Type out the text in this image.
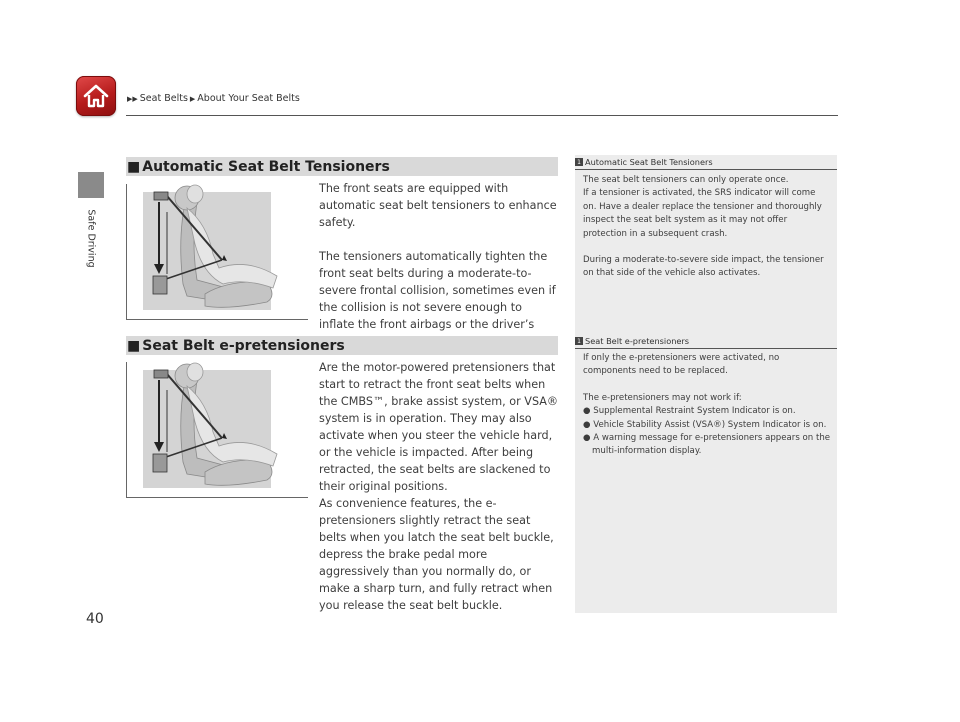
▶▶ Seat Belts ▶ About Your Seat Belts
Safe Driving
■ Automatic Seat Belt Tensioners

The front seats are equipped with automatic seat belt tensioners to enhance safety.

The tensioners automatically tighten the front seat belts during a moderate-to-severe frontal collision, sometimes even if the collision is not severe enough to inflate the front airbags or the driver’s

1 Automatic Seat Belt Tensioners

The seat belt tensioners can only operate once.

If a tensioner is activated, the SRS indicator will come on. Have a dealer replace the tensioner and thoroughly inspect the seat belt system as it may not offer protection in a subsequent crash.

During a moderate-to-severe side impact, the tensioner on that side of the vehicle also activates.

■ Seat Belt e-pretensioners

Are the motor-powered pretensioners that start to retract the front seat belts when the CMBS™, brake assist system, or VSA® system is in operation. They may also activate when you steer the vehicle hard, or the vehicle is impacted. After being retracted, the seat belts are slackened to their original positions.

As convenience features, the e-pretensioners slightly retract the seat belts when you latch the seat belt buckle, depress the brake pedal more aggressively than you normally do, or make a sharp turn, and fully retract when you release the seat belt buckle.

1 Seat Belt e-pretensioners

If only the e-pretensioners were activated, no components need to be replaced.

The e-pretensioners may not work if:

● Supplemental Restraint System Indicator is on.

● Vehicle Stability Assist (VSA®) System Indicator is on.

● A warning message for e-pretensioners appears on the multi-information display.

40
